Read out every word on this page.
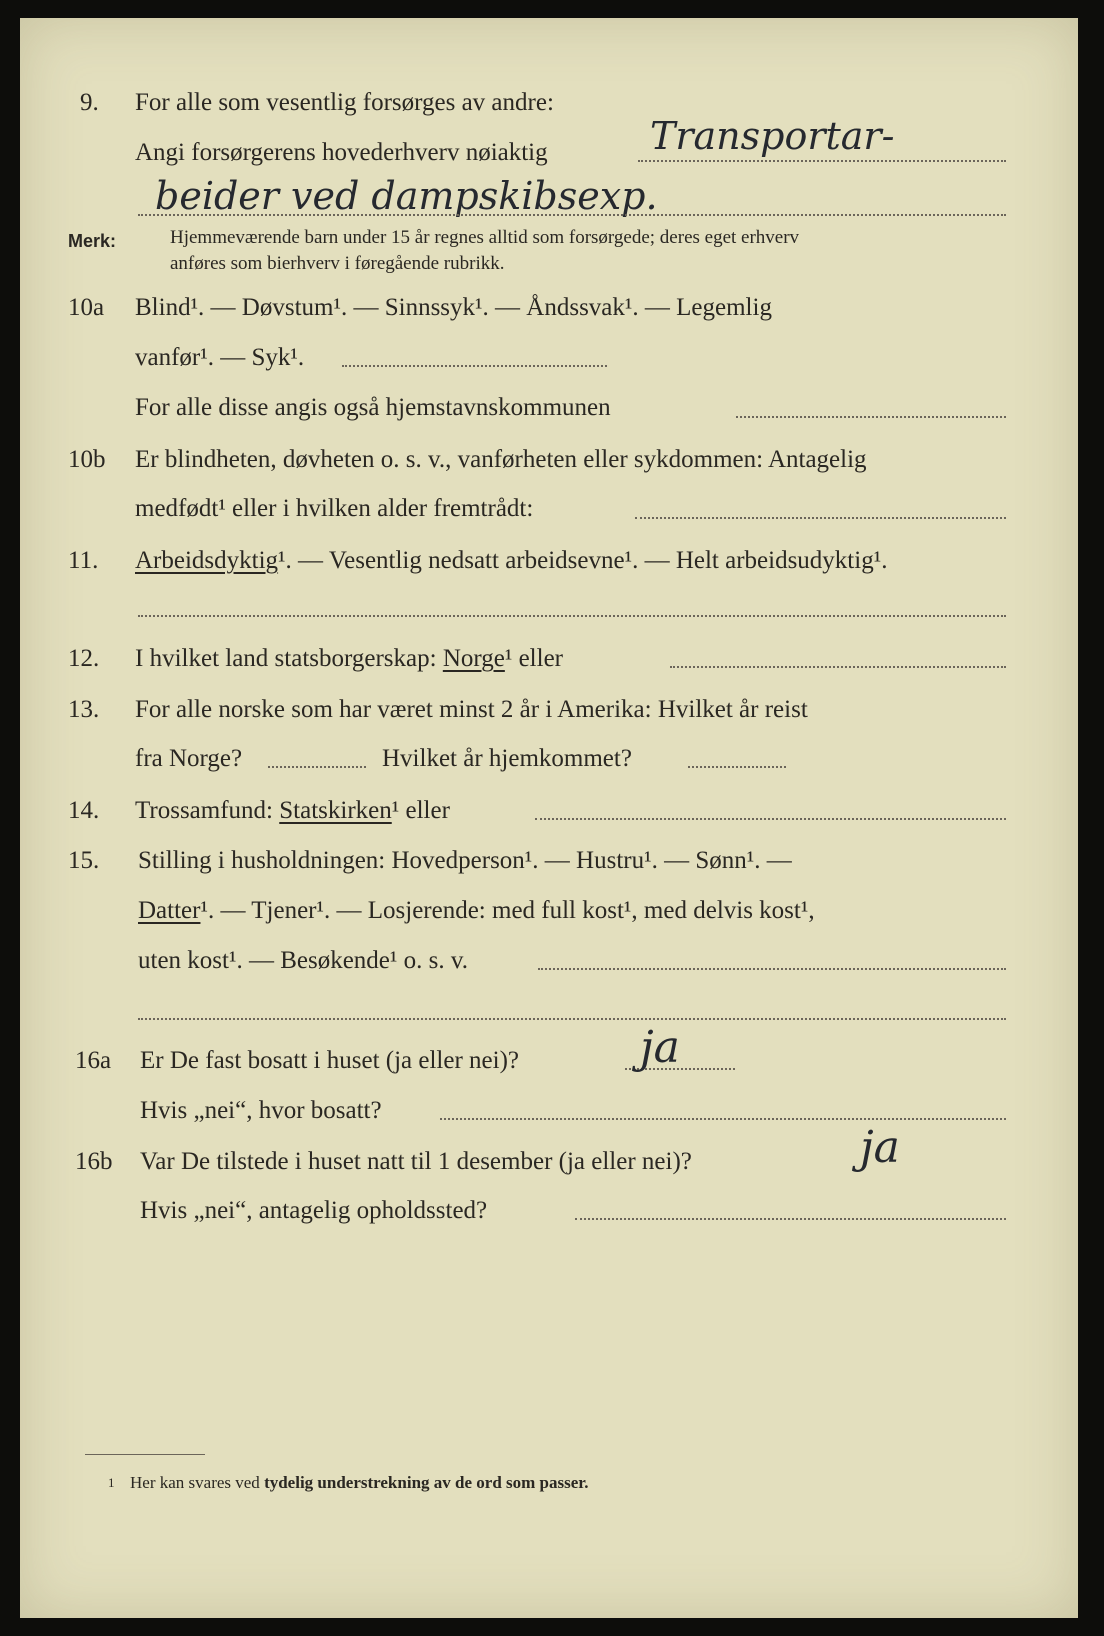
9. For alle som vesentlig forsørges av andre:
Angi forsørgerens hovederhverv nøiaktig	Transportar-
beider ved dampskibsexp.
Merk:	Hjemmeværende barn under 15 år regnes alltid som forsørgede; deres eget erhverv
anføres som bierhverv i føregående rubrikk.
10a Blind¹. — Døvstum¹. — Sinnssyk¹. — Åndssvak¹. — Legemlig
vanfør¹. — Syk¹.
For alle disse angis også hjemstavnskommunen
10b Er blindheten, døvheten o. s. v., vanførheten eller sykdommen: Antagelig
medfødt¹ eller i hvilken alder fremtrådt:
11. Arbeidsdyktig¹. — Vesentlig nedsatt arbeidsevne¹. — Helt arbeidsudyktig¹.
12. I hvilket land statsborgerskap: Norge¹ eller
13. For alle norske som har været minst 2 år i Amerika: Hvilket år reist
fra Norge?	Hvilket år hjemkommet?
14. Trossamfund: Statskirken¹ eller
15. Stilling i husholdningen: Hovedperson¹. — Hustru¹. — Sønn¹. —
Datter¹. — Tjener¹. — Losjerende: med full kost¹, med delvis kost¹,
uten kost¹. — Besøkende¹ o. s. v.
16a Er De fast bosatt i huset (ja eller nei)?	ja
Hvis „nei“, hvor bosatt?
16b Var De tilstede i huset natt til 1 desember (ja eller nei)?	ja
Hvis „nei“, antagelig opholdssted?
1 Her kan svares ved tydelig understrekning av de ord som passer.
